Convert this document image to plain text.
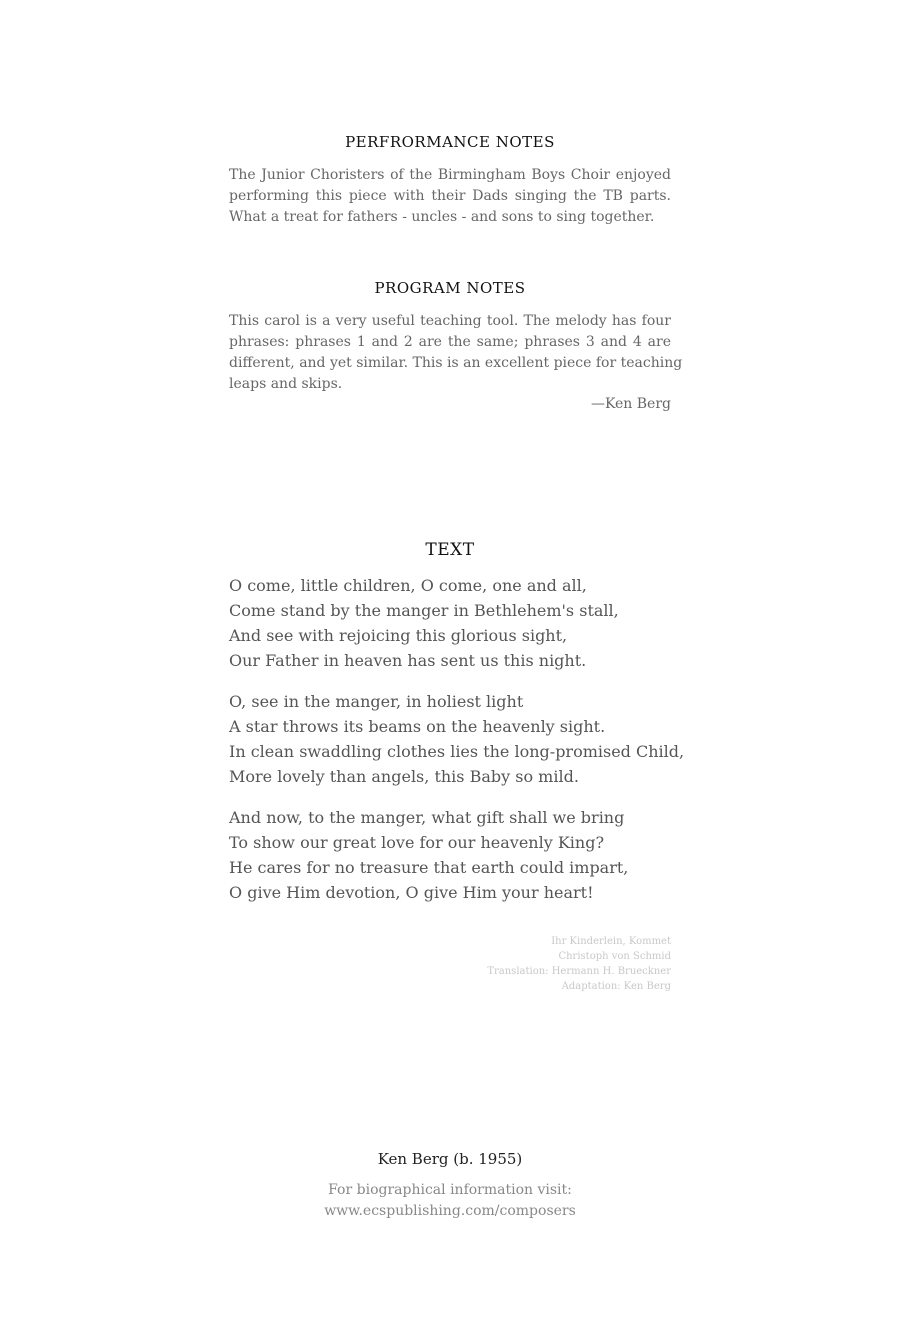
PERFRORMANCE NOTES
The Junior Choristers of the Birmingham Boys Choir enjoyed
performing this piece with their Dads singing the TB parts.
What a treat for fathers - uncles - and sons to sing together.
PROGRAM NOTES
This carol is a very useful teaching tool. The melody has four
phrases: phrases 1 and 2 are the same; phrases 3 and 4 are
different, and yet similar. This is an excellent piece for teaching
leaps and skips.
—Ken Berg
TEXT
O come, little children, O come, one and all,
Come stand by the manger in Bethlehem's stall,
And see with rejoicing this glorious sight,
Our Father in heaven has sent us this night.
O, see in the manger, in holiest light
A star throws its beams on the heavenly sight.
In clean swaddling clothes lies the long-promised Child,
More lovely than angels, this Baby so mild.
And now, to the manger, what gift shall we bring
To show our great love for our heavenly King?
He cares for no treasure that earth could impart,
O give Him devotion, O give Him your heart!
Ihr Kinderlein, Kommet
Christoph von Schmid
Translation: Hermann H. Brueckner
Adaptation: Ken Berg
Ken Berg (b. 1955)
For biographical information visit:
www.ecspublishing.com/composers
